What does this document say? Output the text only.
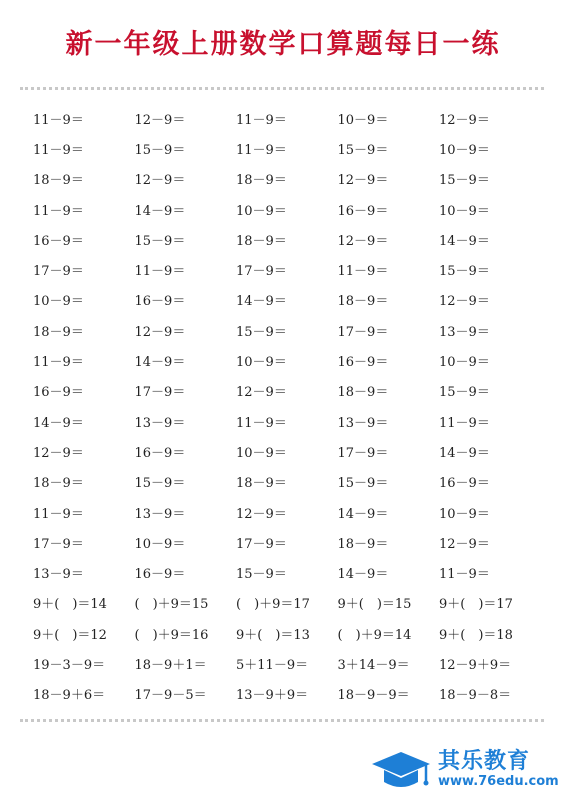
新一年级上册数学口算题每日一练
11－9＝	12－9＝	11－9＝	10－9＝	12－9＝
11－9＝	15－9＝	11－9＝	15－9＝	10－9＝
18－9＝	12－9＝	18－9＝	12－9＝	15－9＝
11－9＝	14－9＝	10－9＝	16－9＝	10－9＝
16－9＝	15－9＝	18－9＝	12－9＝	14－9＝
17－9＝	11－9＝	17－9＝	11－9＝	15－9＝
10－9＝	16－9＝	14－9＝	18－9＝	12－9＝
18－9＝	12－9＝	15－9＝	17－9＝	13－9＝
11－9＝	14－9＝	10－9＝	16－9＝	10－9＝
16－9＝	17－9＝	12－9＝	18－9＝	15－9＝
14－9＝	13－9＝	11－9＝	13－9＝	11－9＝
12－9＝	16－9＝	10－9＝	17－9＝	14－9＝
18－9＝	15－9＝	18－9＝	15－9＝	16－9＝
11－9＝	13－9＝	12－9＝	14－9＝	10－9＝
17－9＝	10－9＝	17－9＝	18－9＝	12－9＝
13－9＝	16－9＝	15－9＝	14－9＝	11－9＝
9＋(　)＝14	(　)＋9＝15	(　)＋9＝17	9＋(　)＝15	9＋(　)＝17
9＋(　)＝12	(　)＋9＝16	9＋(　)＝13	(　)＋9＝14	9＋(　)＝18
19－3－9＝	18－9＋1＝	5＋11－9＝	3＋14－9＝	12－9＋9＝
18－9＋6＝	17－9－5＝	13－9＋9＝	18－9－9＝	18－9－8＝
其乐教育
www.76edu.com
